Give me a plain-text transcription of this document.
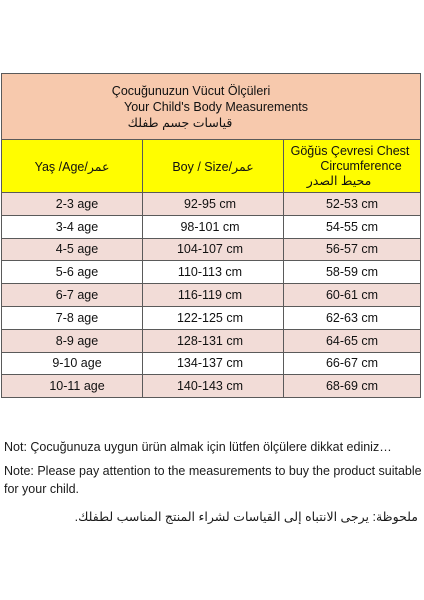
Çocuğunuzun Vücut Ölçüleri
Your Child's Body Measurements
قياسات جسم طفلك		

Yaş /Age/عمر	Boy / Size/عمر	Göğüs Çevresi Chest
Circumference
محيط الصدر

2-3 age	92-95 cm	52-53 cm
3-4 age	98-101 cm	54-55 cm
4-5 age	104-107 cm	56-57 cm
5-6 age	110-113 cm	58-59 cm
6-7 age	116-119 cm	60-61 cm
7-8 age	122-125 cm	62-63 cm
8-9 age	128-131 cm	64-65 cm
9-10 age	134-137 cm	66-67 cm
10-11 age	140-143 cm	68-69 cm

Not: Çocuğunuza uygun ürün almak için lütfen ölçülere dikkat ediniz…

Note: Please pay attention to the measurements to buy the product suitable for your child.

ملحوظة: يرجى الانتباه إلى القياسات لشراء المنتج المناسب لطفلك.
